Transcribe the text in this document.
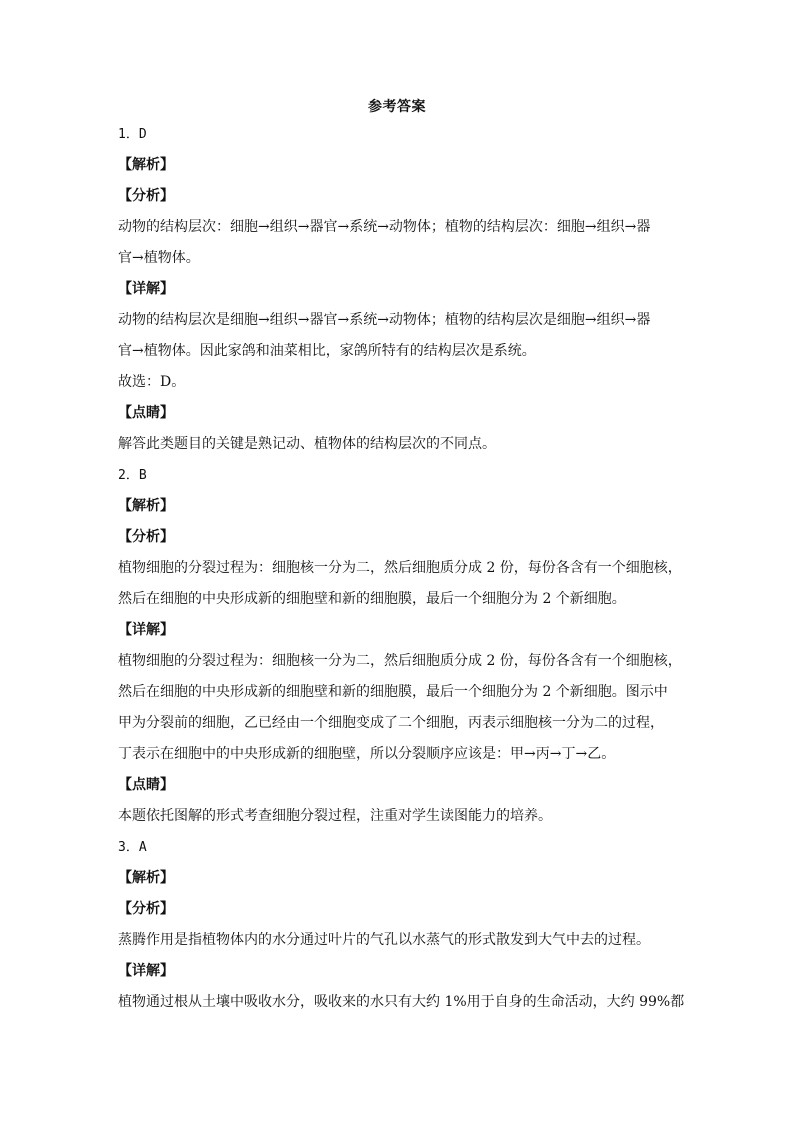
参考答案
1．D
【解析】
【分析】
动物的结构层次：细胞→组织→器官→系统→动物体；植物的结构层次：细胞→组织→器
官→植物体。
【详解】
动物的结构层次是细胞→组织→器官→系统→动物体；植物的结构层次是细胞→组织→器
官→植物体。因此家鸽和油菜相比，家鸽所特有的结构层次是系统。
故选：D。
【点睛】
解答此类题目的关键是熟记动、植物体的结构层次的不同点。
2．B
【解析】
【分析】
植物细胞的分裂过程为：细胞核一分为二，然后细胞质分成 2 份，每份各含有一个细胞核，
然后在细胞的中央形成新的细胞壁和新的细胞膜，最后一个细胞分为 2 个新细胞。
【详解】
植物细胞的分裂过程为：细胞核一分为二，然后细胞质分成 2 份，每份各含有一个细胞核，
然后在细胞的中央形成新的细胞壁和新的细胞膜，最后一个细胞分为 2 个新细胞。图示中
甲为分裂前的细胞，乙已经由一个细胞变成了二个细胞，丙表示细胞核一分为二的过程，
丁表示在细胞中的中央形成新的细胞壁，所以分裂顺序应该是：甲→丙→丁→乙。
【点睛】
本题依托图解的形式考查细胞分裂过程，注重对学生读图能力的培养。
3．A
【解析】
【分析】
蒸腾作用是指植物体内的水分通过叶片的气孔以水蒸气的形式散发到大气中去的过程。
【详解】
植物通过根从土壤中吸收水分，吸收来的水只有大约 1%用于自身的生命活动，大约 99%都
